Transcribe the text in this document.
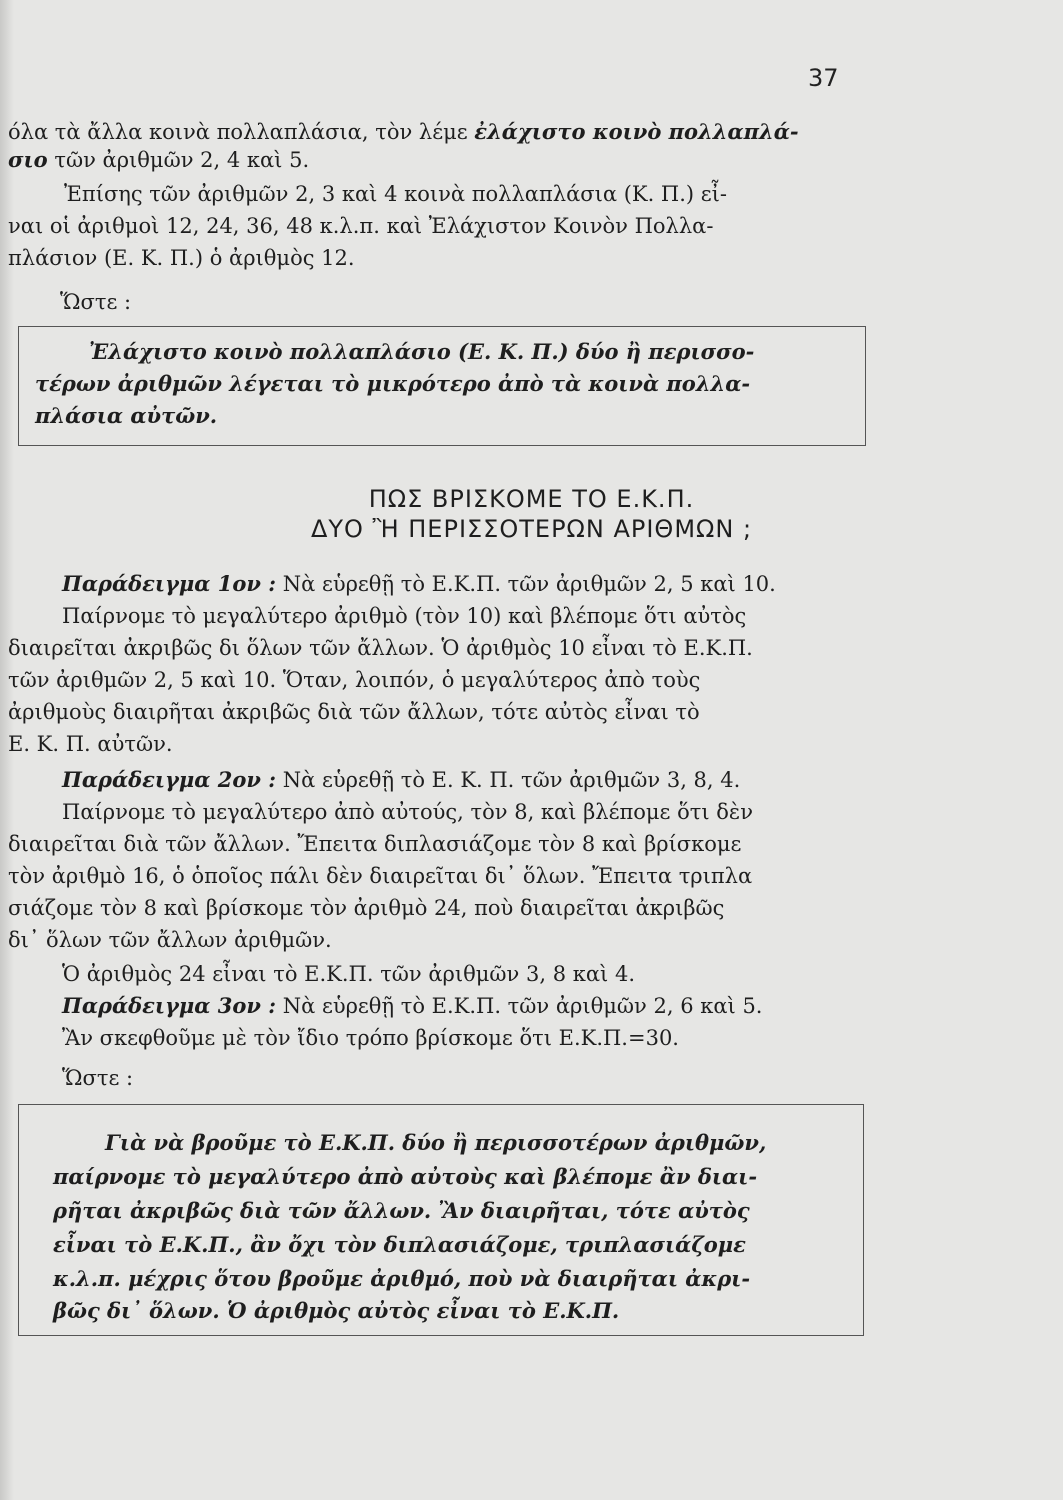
37
όλα τὰ ἄλλα κοινὰ πολλαπλάσια, τὸν λέμε ἐλάχιστο κοινὸ πολλαπλά-
σιο τῶν ἀριθμῶν 2, 4 καὶ 5.
Ἐπίσης τῶν ἀριθμῶν 2, 3 καὶ 4 κοινὰ πολλαπλάσια (Κ. Π.) εἶ-
ναι οἱ ἀριθμοὶ 12, 24, 36, 48 κ.λ.π. καὶ Ἐλάχιστον Κοινὸν Πολλα-
πλάσιον (Ε. Κ. Π.) ὁ ἀριθμὸς 12.
Ὥστε :
Ἐλάχιστο κοινὸ πολλαπλάσιο (Ε. Κ. Π.) δύο ἢ περισσο-
τέρων ἀριθμῶν λέγεται τὸ μικρότερο ἀπὸ τὰ κοινὰ πολλα-
πλάσια αὐτῶν.
ΠΩΣ ΒΡΙΣΚΟΜΕ ΤΟ Ε.Κ.Π.
ΔΥΟ Ἢ ΠΕΡΙΣΣΟΤΕΡΩΝ ΑΡΙΘΜΩΝ ;
Παράδειγμα 1ον : Νὰ εὑρεθῇ τὸ Ε.Κ.Π. τῶν ἀριθμῶν 2, 5 καὶ 10.
Παίρνομε τὸ μεγαλύτερο ἀριθμὸ (τὸν 10) καὶ βλέπομε ὅτι αὐτὸς
διαιρεῖται ἀκριβῶς δι ὅλων τῶν ἄλλων. Ὁ ἀριθμὸς 10 εἶναι τὸ Ε.Κ.Π.
τῶν ἀριθμῶν 2, 5 καὶ 10. Ὅταν, λοιπόν, ὁ μεγαλύτερος ἀπὸ τοὺς
ἀριθμοὺς διαιρῆται ἀκριβῶς διὰ τῶν ἄλλων, τότε αὐτὸς εἶναι τὸ
Ε. Κ. Π. αὐτῶν.
Παράδειγμα 2ον : Νὰ εὑρεθῇ τὸ Ε. Κ. Π. τῶν ἀριθμῶν 3, 8, 4.
Παίρνομε τὸ μεγαλύτερο ἀπὸ αὐτούς, τὸν 8, καὶ βλέπομε ὅτι δὲν
διαιρεῖται διὰ τῶν ἄλλων. Ἔπειτα διπλασιάζομε τὸν 8 καὶ βρίσκομε
τὸν ἀριθμὸ 16, ὁ ὁποῖος πάλι δὲν διαιρεῖται δι᾽ ὅλων. Ἔπειτα τριπλα
σιάζομε τὸν 8 καὶ βρίσκομε τὸν ἀριθμὸ 24, ποὺ διαιρεῖται ἀκριβῶς
δι᾽ ὅλων τῶν ἄλλων ἀριθμῶν.
Ὁ ἀριθμὸς 24 εἶναι τὸ Ε.Κ.Π. τῶν ἀριθμῶν 3, 8 καὶ 4.
Παράδειγμα 3ον : Νὰ εὑρεθῇ τὸ Ε.Κ.Π. τῶν ἀριθμῶν 2, 6 καὶ 5.
Ἂν σκεφθοῦμε μὲ τὸν ἴδιο τρόπο βρίσκομε ὅτι Ε.Κ.Π.=30.
Ὥστε :
Γιὰ νὰ βροῦμε τὸ Ε.Κ.Π. δύο ἢ περισσοτέρων ἀριθμῶν,
παίρνομε τὸ μεγαλύτερο ἀπὸ αὐτοὺς καὶ βλέπομε ἂν διαι-
ρῆται ἀκριβῶς διὰ τῶν ἄλλων. Ἂν διαιρῆται, τότε αὐτὸς
εἶναι τὸ Ε.Κ.Π., ἂν ὄχι τὸν διπλασιάζομε, τριπλασιάζομε
κ.λ.π. μέχρις ὅτου βροῦμε ἀριθμό, ποὺ νὰ διαιρῆται ἀκρι-
βῶς δι᾽ ὅλων. Ὁ ἀριθμὸς αὐτὸς εἶναι τὸ Ε.Κ.Π.
